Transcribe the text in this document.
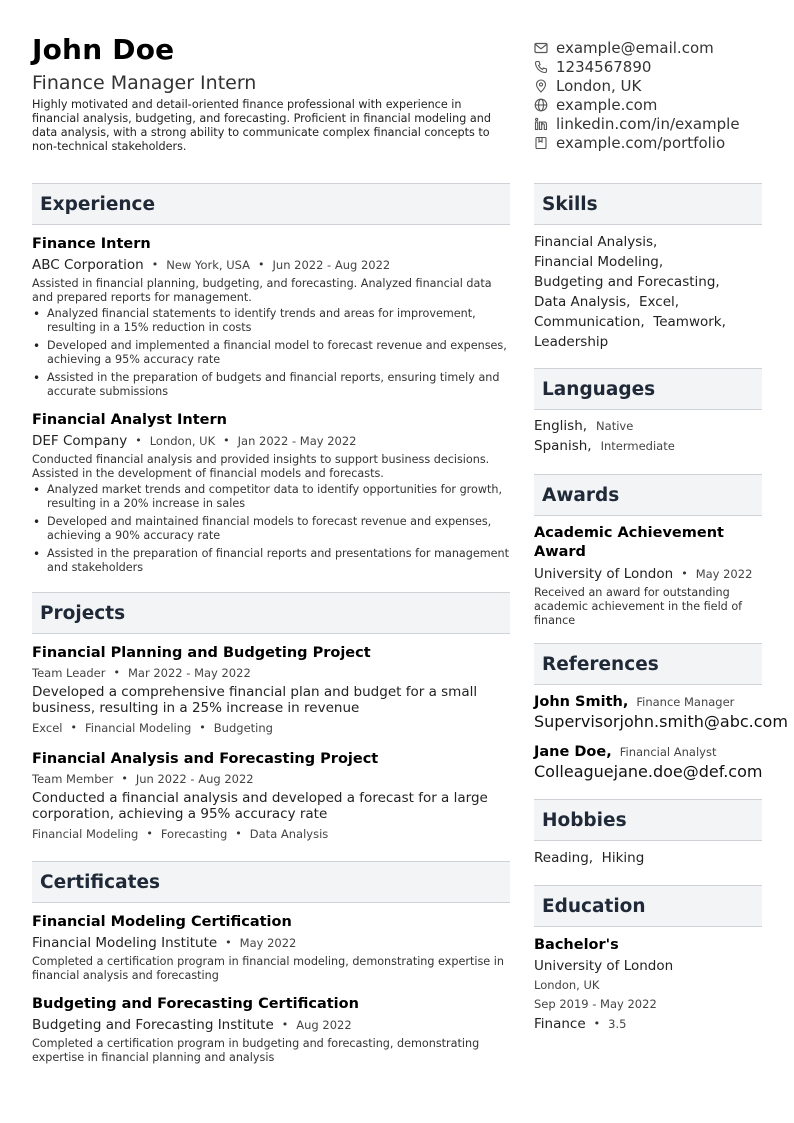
John Doe
Finance Manager Intern
Highly motivated and detail-oriented finance professional with experience in financial analysis, budgeting, and forecasting. Proficient in financial modeling and data analysis, with a strong ability to communicate complex financial concepts to non-technical stakeholders.
example@email.com
1234567890
London, UK
example.com
linkedin.com/in/example
example.com/portfolio
Experience
Finance Intern
ABC Corporation • New York, USA • Jun 2022 - Aug 2022
Assisted in financial planning, budgeting, and forecasting. Analyzed financial data and prepared reports for management.
• Analyzed financial statements to identify trends and areas for improvement, resulting in a 15% reduction in costs
• Developed and implemented a financial model to forecast revenue and expenses, achieving a 95% accuracy rate
• Assisted in the preparation of budgets and financial reports, ensuring timely and accurate submissions
Financial Analyst Intern
DEF Company • London, UK • Jan 2022 - May 2022
Conducted financial analysis and provided insights to support business decisions. Assisted in the development of financial models and forecasts.
• Analyzed market trends and competitor data to identify opportunities for growth, resulting in a 20% increase in sales
• Developed and maintained financial models to forecast revenue and expenses, achieving a 90% accuracy rate
• Assisted in the preparation of financial reports and presentations for management and stakeholders
Projects
Financial Planning and Budgeting Project
Team Leader • Mar 2022 - May 2022
Developed a comprehensive financial plan and budget for a small business, resulting in a 25% increase in revenue
Excel • Financial Modeling • Budgeting
Financial Analysis and Forecasting Project
Team Member • Jun 2022 - Aug 2022
Conducted a financial analysis and developed a forecast for a large corporation, achieving a 95% accuracy rate
Financial Modeling • Forecasting • Data Analysis
Certificates
Financial Modeling Certification
Financial Modeling Institute • May 2022
Completed a certification program in financial modeling, demonstrating expertise in financial analysis and forecasting
Budgeting and Forecasting Certification
Budgeting and Forecasting Institute • Aug 2022
Completed a certification program in budgeting and forecasting, demonstrating expertise in financial planning and analysis
Skills
Financial Analysis,
Financial Modeling,
Budgeting and Forecasting,
Data Analysis,  Excel,
Communication,  Teamwork,
Leadership
Languages
English, Native
Spanish, Intermediate
Awards
Academic Achievement Award
University of London • May 2022
Received an award for outstanding academic achievement in the field of finance
References
John Smith, Finance Manager
Supervisor john.smith@abc.com
Jane Doe, Financial Analyst
Colleague jane.doe@def.com
Hobbies
Reading,  Hiking
Education
Bachelor's
University of London
London, UK
Sep 2019 - May 2022
Finance • 3.5
